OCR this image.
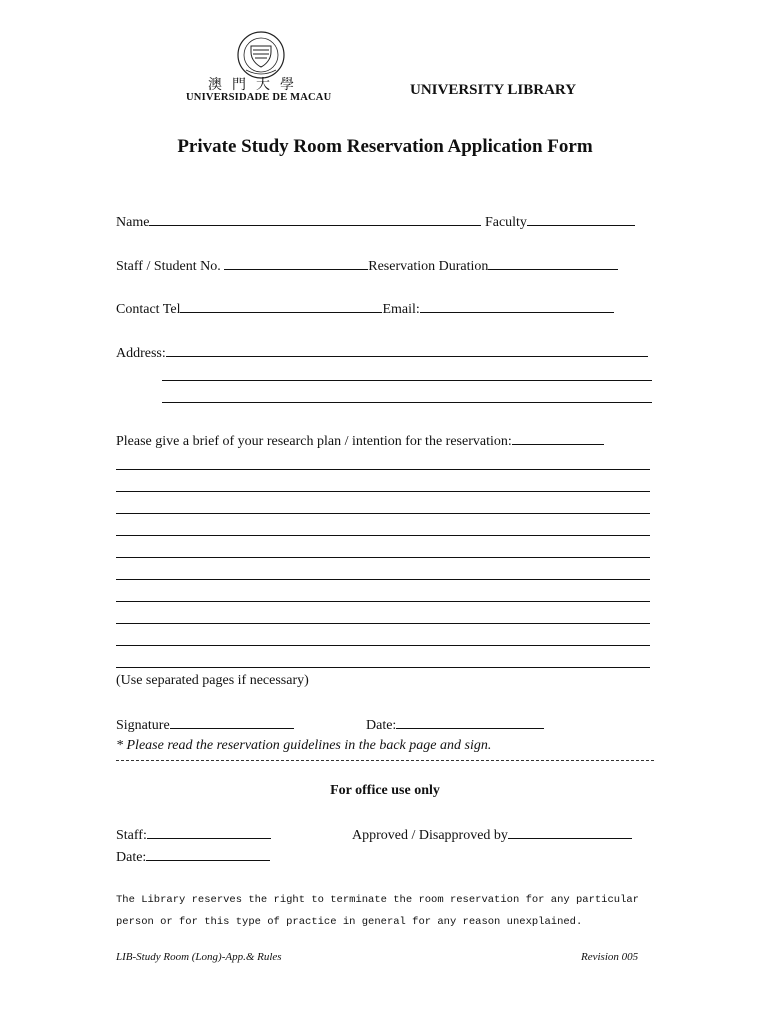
澳門大學
UNIVERSIDADE DE MACAU	UNIVERSITY LIBRARY
Private Study Room Reservation Application Form
Name	Faculty
Staff / Student No.	Reservation Duration
Contact Tel	Email:
Address:
Please give a brief of your research plan / intention for the reservation:
(Use separated pages if necessary)
Signature	Date:
* Please read the reservation guidelines in the back page and sign.
For office use only
Staff:	Approved / Disapproved by
Date:
The Library reserves the right to terminate the room reservation for any particular
person or for this type of practice in general for any reason unexplained.
LIB-Study Room (Long)-App.& Rules	Revision 005
